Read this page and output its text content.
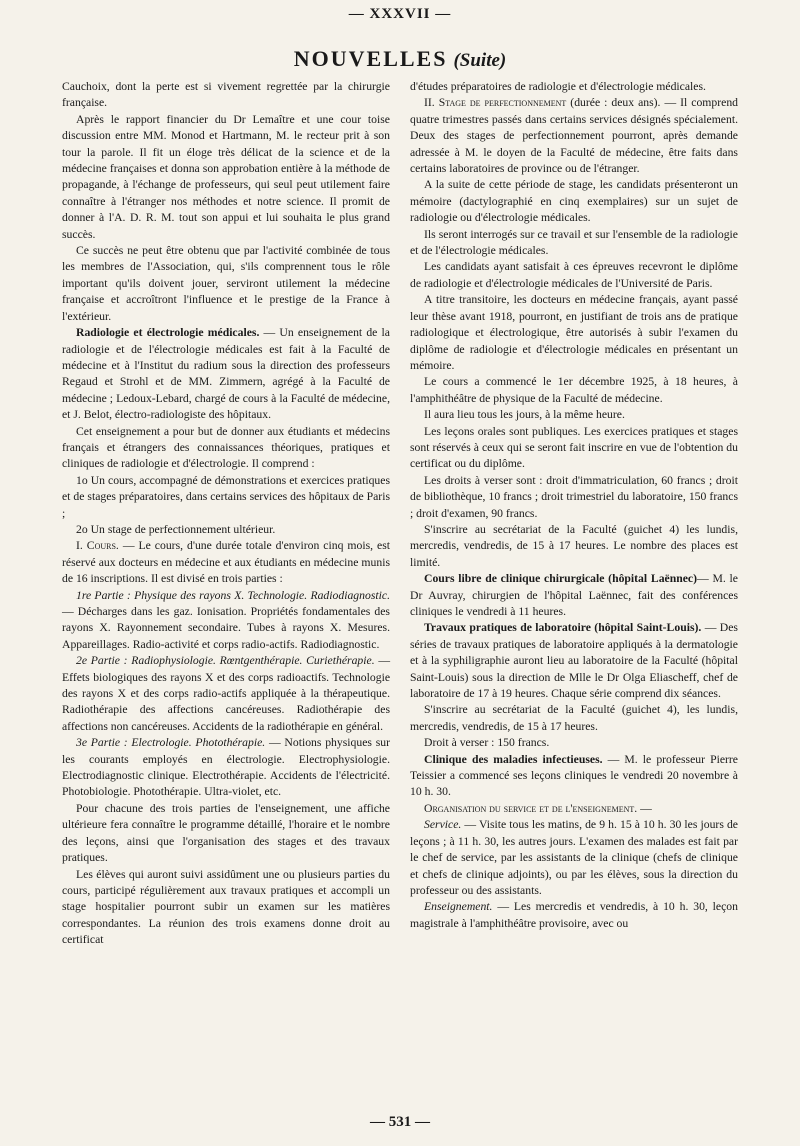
— XXXVII —
NOUVELLES (Suite)

Cauchoix, dont la perte est si vivement regrettée par la chirurgie française.

Après le rapport financier du Dr Lemaître et une cour toise discussion entre MM. Monod et Hartmann, M. le recteur prit à son tour la parole. Il fit un éloge très délicat de la science et de la médecine françaises et donna son approbation entière à la méthode de propagande, à l'échange de professeurs, qui seul peut utilement faire connaître à l'étranger nos méthodes et notre science. Il promit de donner à l'A. D. R. M. tout son appui et lui souhaita le plus grand succès.

Ce succès ne peut être obtenu que par l'activité combinée de tous les membres de l'Association, qui, s'ils comprennent tous le rôle important qu'ils doivent jouer, serviront utilement la médecine française et accroîtront l'influence et le prestige de la France à l'extérieur.

Radiologie et électrologie médicales. — Un enseignement de la radiologie et de l'électrologie médicales est fait à la Faculté de médecine et à l'Institut du radium sous la direction des professeurs Regaud et Strohl et de MM. Zimmern, agrégé à la Faculté de médecine ; Ledoux-Lebard, chargé de cours à la Faculté de médecine, et J. Belot, électro-radiologiste des hôpitaux.

Cet enseignement a pour but de donner aux étudiants et médecins français et étrangers des connaissances théoriques, pratiques et cliniques de radiologie et d'électrologie. Il comprend :

1o Un cours, accompagné de démonstrations et exercices pratiques et de stages préparatoires, dans certains services des hôpitaux de Paris ;

2o Un stage de perfectionnement ultérieur.

I. Cours. — Le cours, d'une durée totale d'environ cinq mois, est réservé aux docteurs en médecine et aux étudiants en médecine munis de 16 inscriptions. Il est divisé en trois parties :

1re Partie : Physique des rayons X. Technologie. Radiodiagnostic. — Décharges dans les gaz. Ionisation. Propriétés fondamentales des rayons X. Rayonnement secondaire. Tubes à rayons X. Mesures. Appareillages. Radio-activité et corps radio-actifs. Radiodiagnostic.

2e Partie : Radiophysiologie. Rœntgenthérapie. Curiethérapie. — Effets biologiques des rayons X et des corps radioactifs. Technologie des rayons X et des corps radio-actifs appliquée à la thérapeutique. Radiothérapie des affections cancéreuses. Radiothérapie des affections non cancéreuses. Accidents de la radiothérapie en général.

3e Partie : Electrologie. Photothérapie. — Notions physiques sur les courants employés en électrologie. Electrophysiologie. Electrodiagnostic clinique. Electrothérapie. Accidents de l'électricité. Photobiologie. Photothérapie. Ultra-violet, etc.

Pour chacune des trois parties de l'enseignement, une affiche ultérieure fera connaître le programme détaillé, l'horaire et le nombre des leçons, ainsi que l'organisation des stages et des travaux pratiques.

Les élèves qui auront suivi assidûment une ou plusieurs parties du cours, participé régulièrement aux travaux pratiques et accompli un stage hospitalier pourront subir un examen sur les matières correspondantes. La réunion des trois examens donne droit au certificat

d'études préparatoires de radiologie et d'électrologie médicales.

II. Stage de perfectionnement (durée : deux ans). — Il comprend quatre trimestres passés dans certains services désignés spécialement. Deux des stages de perfectionnement pourront, après demande adressée à M. le doyen de la Faculté de médecine, être faits dans certains laboratoires de province ou de l'étranger.

A la suite de cette période de stage, les candidats présenteront un mémoire (dactylographié en cinq exemplaires) sur un sujet de radiologie ou d'électrologie médicales.

Ils seront interrogés sur ce travail et sur l'ensemble de la radiologie et de l'électrologie médicales.

Les candidats ayant satisfait à ces épreuves recevront le diplôme de radiologie et d'électrologie médicales de l'Université de Paris.

A titre transitoire, les docteurs en médecine français, ayant passé leur thèse avant 1918, pourront, en justifiant de trois ans de pratique radiologique et électrologique, être autorisés à subir l'examen du diplôme de radiologie et d'électrologie médicales en présentant un mémoire.

Le cours a commencé le 1er décembre 1925, à 18 heures, à l'amphithéâtre de physique de la Faculté de médecine.

Il aura lieu tous les jours, à la même heure.

Les leçons orales sont publiques. Les exercices pratiques et stages sont réservés à ceux qui se seront fait inscrire en vue de l'obtention du certificat ou du diplôme.

Les droits à verser sont : droit d'immatriculation, 60 francs ; droit de bibliothèque, 10 francs ; droit trimestriel du laboratoire, 150 francs ; droit d'examen, 90 francs.

S'inscrire au secrétariat de la Faculté (guichet 4) les lundis, mercredis, vendredis, de 15 à 17 heures. Le nombre des places est limité.

Cours libre de clinique chirurgicale (hôpital Laënnec)— M. le Dr Auvray, chirurgien de l'hôpital Laënnec, fait des conférences cliniques le vendredi à 11 heures.

Travaux pratiques de laboratoire (hôpital Saint-Louis). — Des séries de travaux pratiques de laboratoire appliqués à la dermatologie et à la syphiligraphie auront lieu au laboratoire de la Faculté (hôpital Saint-Louis) sous la direction de Mlle le Dr Olga Eliascheff, chef de laboratoire de 17 à 19 heures. Chaque série comprend dix séances.

S'inscrire au secrétariat de la Faculté (guichet 4), les lundis, mercredis, vendredis, de 15 à 17 heures.

Droit à verser : 150 francs.

Clinique des maladies infectieuses. — M. le professeur Pierre Teissier a commencé ses leçons cliniques le vendredi 20 novembre à 10 h. 30.

Organisation du service et de l'enseignement. —

Service. — Visite tous les matins, de 9 h. 15 à 10 h. 30 les jours de leçons ; à 11 h. 30, les autres jours. L'examen des malades est fait par le chef de service, par les assistants de la clinique (chefs de clinique et chefs de clinique adjoints), ou par les élèves, sous la direction du professeur ou des assistants.

Enseignement. — Les mercredis et vendredis, à 10 h. 30, leçon magistrale à l'amphithéâtre provisoire, avec ou

— 531 —
